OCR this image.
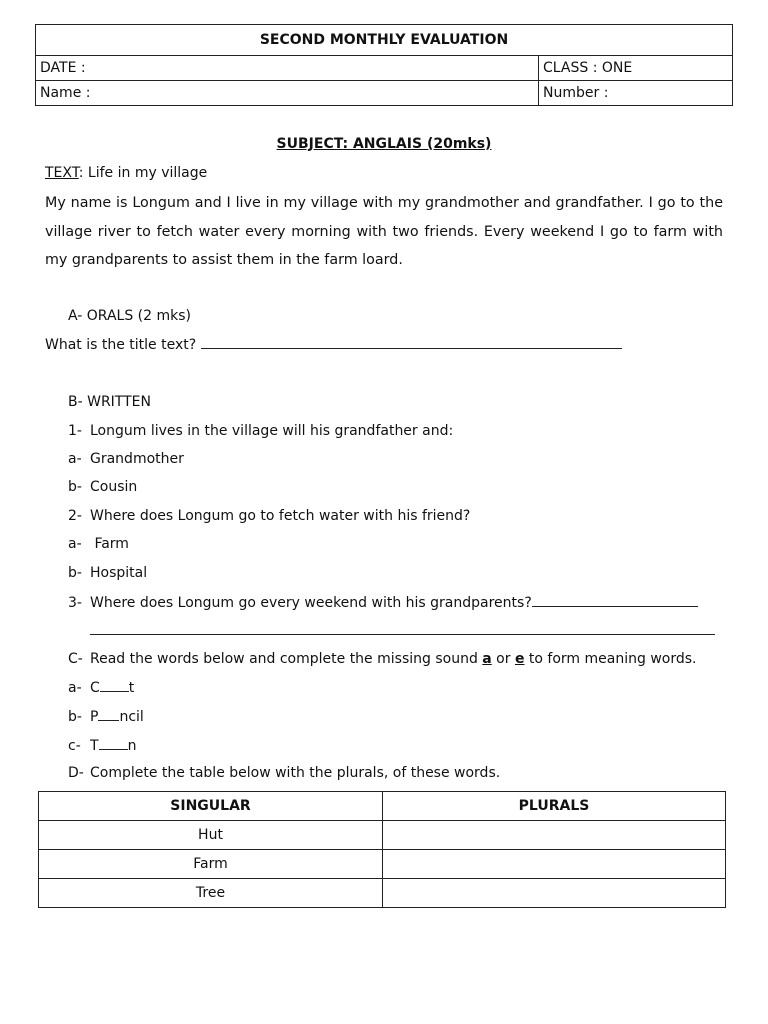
SECOND MONTHLY EVALUATION	
DATE :	CLASS : ONE
Name :	Number :
SUBJECT: ANGLAIS (20mks)
TEXT: Life in my village
My name is Longum and I live in my village with my grandmother and grandfather. I go to the village river to fetch water every morning with two friends. Every weekend I go to farm with my grandparents to assist them in the farm loard.
A- ORALS (2 mks)
What is the title text?
B- WRITTEN
1- Longum lives in the village will his grandfather and:
a- Grandmother
b- Cousin
2- Where does Longum go to fetch water with his friend?
a- Farm
b- Hospital
3- Where does Longum go every weekend with his grandparents?
C- Read the words below and complete the missing sound a or e to form meaning words.
a- C t
b- P ncil
c- T n
D- Complete the table below with the plurals, of these words.
SINGULAR	PLURALS
Hut	
Farm	
Tree	
